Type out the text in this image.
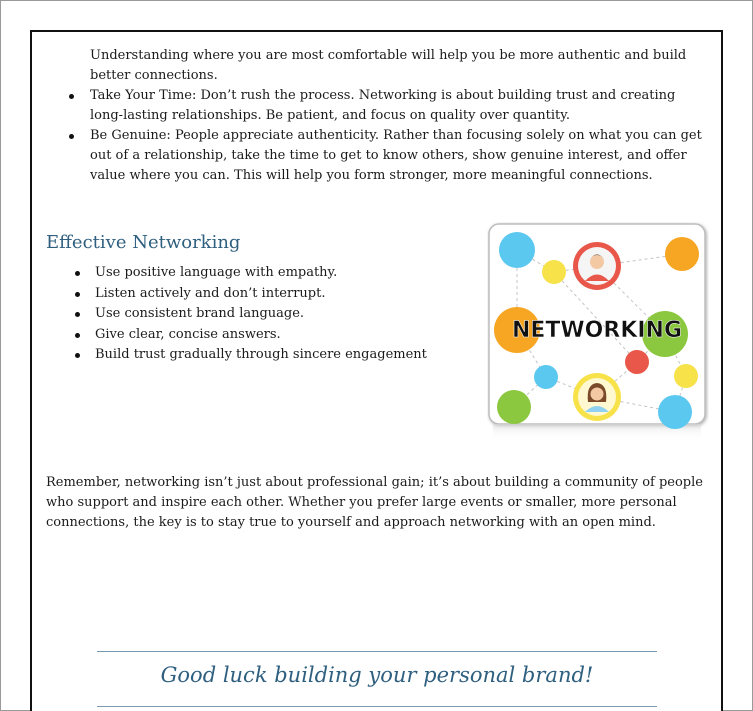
Understanding where you are most comfortable will help you be more authentic and build better connections.

Take Your Time: Don’t rush the process. Networking is about building trust and creating long-lasting relationships. Be patient, and focus on quality over quantity.
Be Genuine: People appreciate authenticity. Rather than focusing solely on what you can get out of a relationship, take the time to get to know others, show genuine interest, and offer value where you can. This will help you form stronger, more meaningful connections.
Effective Networking
Use positive language with empathy.
Listen actively and don’t interrupt.
Use consistent brand language.
Give clear, concise answers.
Build trust gradually through sincere engagement
NETWORKING

Remember, networking isn’t just about professional gain; it’s about building a community of people who support and inspire each other. Whether you prefer large events or smaller, more personal connections, the key is to stay true to yourself and approach networking with an open mind.

Good luck building your personal brand!
